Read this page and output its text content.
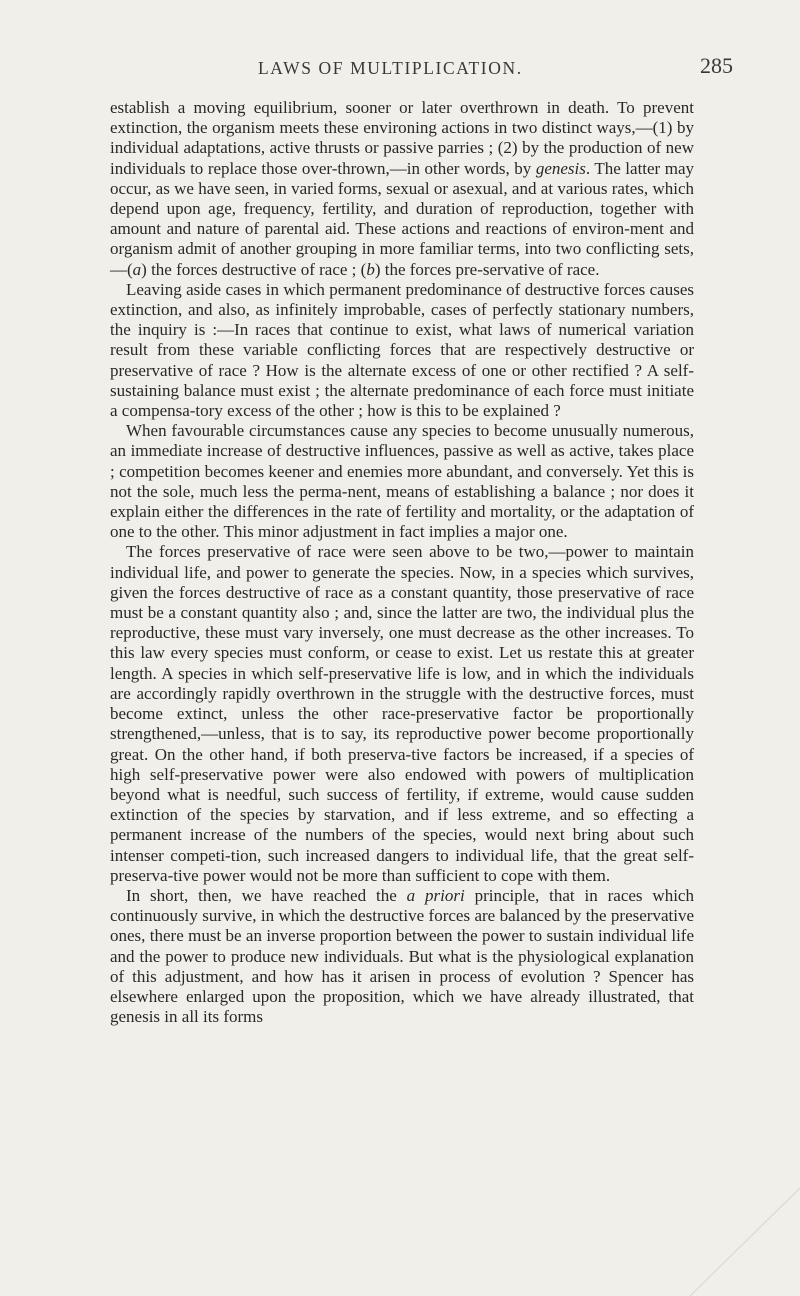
LAWS OF MULTIPLICATION.	285

establish a moving equilibrium, sooner or later overthrown in death. To prevent extinction, the organism meets these environing actions in two distinct ways,—(1) by individual adaptations, active thrusts or passive parries ; (2) by the production of new individuals to replace those over-thrown,—in other words, by genesis. The latter may occur, as we have seen, in varied forms, sexual or asexual, and at various rates, which depend upon age, frequency, fertility, and duration of reproduction, together with amount and nature of parental aid. These actions and reactions of environ-ment and organism admit of another grouping in more familiar terms, into two conflicting sets,—(a) the forces destructive of race ; (b) the forces pre-servative of race.

Leaving aside cases in which permanent predominance of destructive forces causes extinction, and also, as infinitely improbable, cases of perfectly stationary numbers, the inquiry is :—In races that continue to exist, what laws of numerical variation result from these variable conflicting forces that are respectively destructive or preservative of race ? How is the alternate excess of one or other rectified ? A self-sustaining balance must exist ; the alternate predominance of each force must initiate a compensa-tory excess of the other ; how is this to be explained ?

When favourable circumstances cause any species to become unusually numerous, an immediate increase of destructive influences, passive as well as active, takes place ; competition becomes keener and enemies more abundant, and conversely. Yet this is not the sole, much less the perma-nent, means of establishing a balance ; nor does it explain either the differences in the rate of fertility and mortality, or the adaptation of one to the other. This minor adjustment in fact implies a major one.

The forces preservative of race were seen above to be two,—power to maintain individual life, and power to generate the species. Now, in a species which survives, given the forces destructive of race as a constant quantity, those preservative of race must be a constant quantity also ; and, since the latter are two, the individual plus the reproductive, these must vary inversely, one must decrease as the other increases. To this law every species must conform, or cease to exist. Let us restate this at greater length. A species in which self-preservative life is low, and in which the individuals are accordingly rapidly overthrown in the struggle with the destructive forces, must become extinct, unless the other race-preservative factor be proportionally strengthened,—unless, that is to say, its reproductive power become proportionally great. On the other hand, if both preserva-tive factors be increased, if a species of high self-preservative power were also endowed with powers of multiplication beyond what is needful, such success of fertility, if extreme, would cause sudden extinction of the species by starvation, and if less extreme, and so effecting a permanent increase of the numbers of the species, would next bring about such intenser competi-tion, such increased dangers to individual life, that the great self-preserva-tive power would not be more than sufficient to cope with them.

In short, then, we have reached the a priori principle, that in races which continuously survive, in which the destructive forces are balanced by the preservative ones, there must be an inverse proportion between the power to sustain individual life and the power to produce new individuals. But what is the physiological explanation of this adjustment, and how has it arisen in process of evolution ? Spencer has elsewhere enlarged upon the proposition, which we have already illustrated, that genesis in all its forms
